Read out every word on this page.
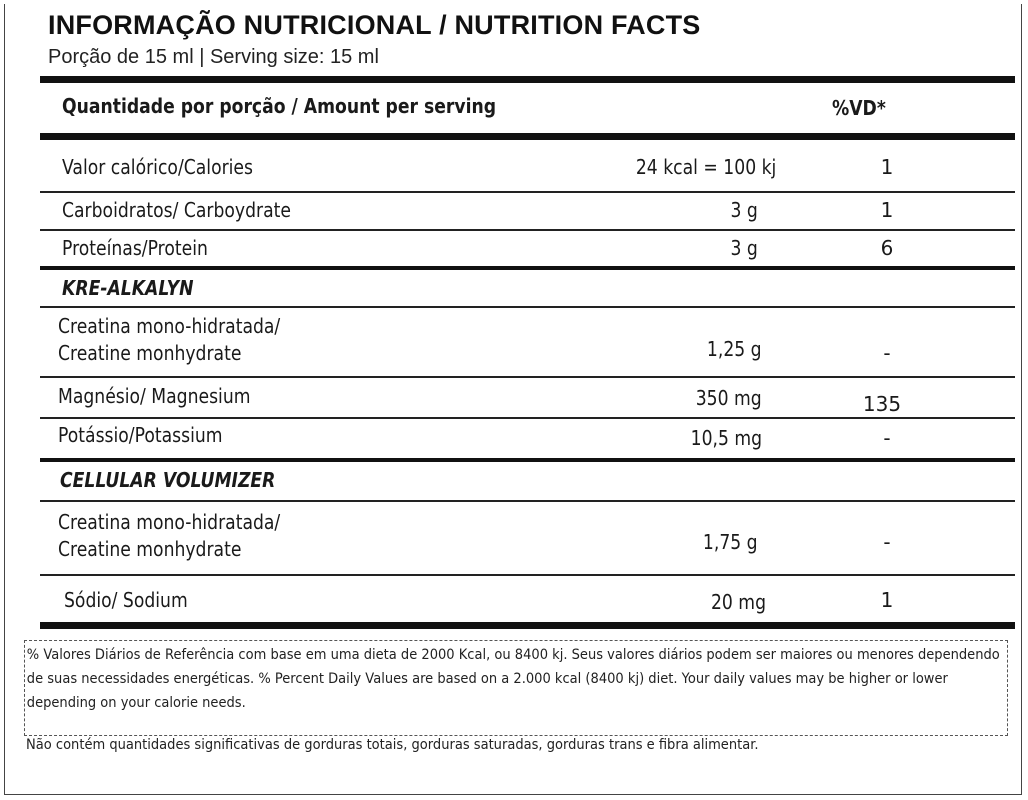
INFORMAÇÃO NUTRICIONAL / NUTRITION FACTS
Porção de 15 ml | Serving size: 15 ml
Quantidade por porção / Amount per serving	%VD*
Valor calórico/Calories	24 kcal = 100 kj	1
Carboidratos/ Carboydrate	3 g	1
Proteínas/Protein	3 g	6
KRE-ALKALYN
Creatina mono-hidratada/
Creatine monhydrate	1,25 g	-
Magnésio/ Magnesium	350 mg	135
Potássio/Potassium	10,5 mg	-
CELLULAR VOLUMIZER
Creatina mono-hidratada/
Creatine monhydrate	1,75 g	-
Sódio/ Sodium	20 mg	1

% Valores Diários de Referência com base em uma dieta de 2000 Kcal, ou 8400 kj. Seus valores diários podem ser maiores ou menores dependendo de suas necessidades energéticas. % Percent Daily Values are based on a 2.000 kcal (8400 kj) diet. Your daily values may be higher or lower depending on your calorie needs.

Não contém quantidades significativas de gorduras totais, gorduras saturadas, gorduras trans e fibra alimentar.
